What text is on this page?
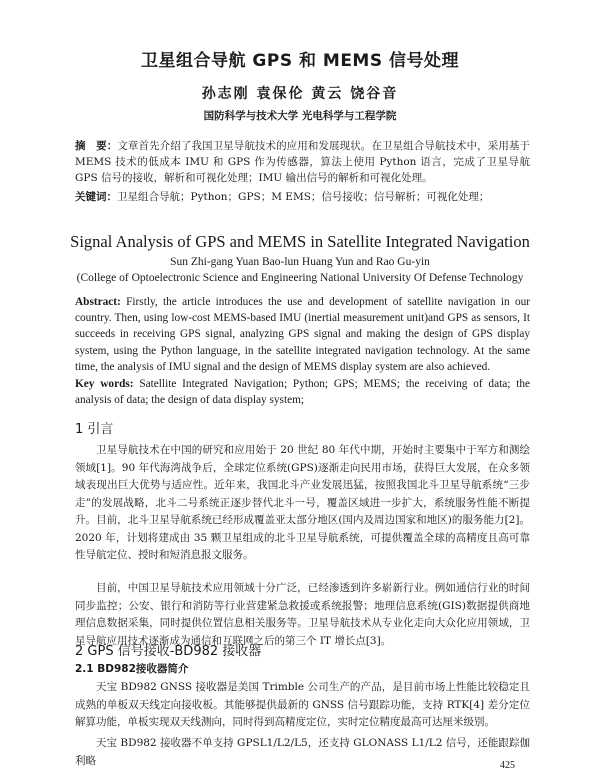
卫星组合导航 GPS 和 MEMS 信号处理
孙志刚 袁保伦 黄云 饶谷音
国防科学与技术大学 光电科学与工程学院
摘　要：文章首先介绍了我国卫星导航技术的应用和发展现状。在卫星组合导航技术中，采用基于 MEMS 技术的低成本 IMU 和 GPS 作为传感器，算法上使用 Python 语言，完成了卫星导航 GPS 信号的接收，解析和可视化处理；IMU 输出信号的解析和可视化处理。
关键词：卫星组合导航；Python；GPS；M EMS；信号接收；信号解析；可视化处理；
Signal Analysis of GPS and MEMS in Satellite Integrated Navigation
Sun Zhi-gang Yuan Bao-lun Huang Yun and Rao Gu-yin
(College of Optoelectronic Science and Engineering National University Of Defense Technology
Abstract: Firstly, the article introduces the use and development of satellite navigation in our country. Then, using low-cost MEMS-based IMU (inertial measurement unit)and GPS as sensors, It succeeds in receiving GPS signal, analyzing GPS signal and making the design of GPS display system, using the Python language, in the satellite integrated navigation technology. At the same time, the analysis of IMU signal and the design of MEMS display system are also achieved.
Key words: Satellite Integrated Navigation; Python; GPS; MEMS; the receiving of data; the analysis of data; the design of data display system;
1 引言
卫星导航技术在中国的研究和应用始于 20 世纪 80 年代中期，开始时主要集中于军方和测绘领域[1]。90 年代海湾战争后，全球定位系统(GPS)逐渐走向民用市场，获得巨大发展，在众多领域表现出巨大优势与适应性。近年来，我国北斗产业发展迅猛，按照我国北斗卫星导航系统“三步走”的发展战略，北斗二号系统正逐步替代北斗一号，覆盖区域进一步扩大，系统服务性能不断提升。目前，北斗卫星导航系统已经形成覆盖亚太部分地区(国内及周边国家和地区)的服务能力[2]。2020 年，计划将建成由 35 颗卫星组成的北斗卫星导航系统，可提供覆盖全球的高精度且高可靠性导航定位、授时和短消息报文服务。
目前，中国卫星导航技术应用领域十分广泛，已经渗透到许多崭新行业。例如通信行业的时间同步监控；公安、银行和消防等行业营建紧急救援或系统报警；地理信息系统(GIS)数据提供商地理信息数据采集，同时提供位置信息相关服务等。卫星导航技术从专业化走向大众化应用领域，卫星导航应用技术逐渐成为通信和互联网之后的第三个 IT 增长点[3]。
2 GPS 信号接收-BD982 接收器
2.1 BD982接收器简介
天宝 BD982 GNSS 接收器是美国 Trimble 公司生产的产品，是目前市场上性能比较稳定且成熟的单板双天线定向接收板。其能够提供最新的 GNSS 信号跟踪功能，支持 RTK[4] 差分定位解算功能，单板实现双天线测向，同时得到高精度定位，实时定位精度最高可达厘米级别。
天宝 BD982 接收器不单支持 GPSL1/L2/L5，还支持 GLONASS L1/L2 信号，还能跟踪伽利略	425
